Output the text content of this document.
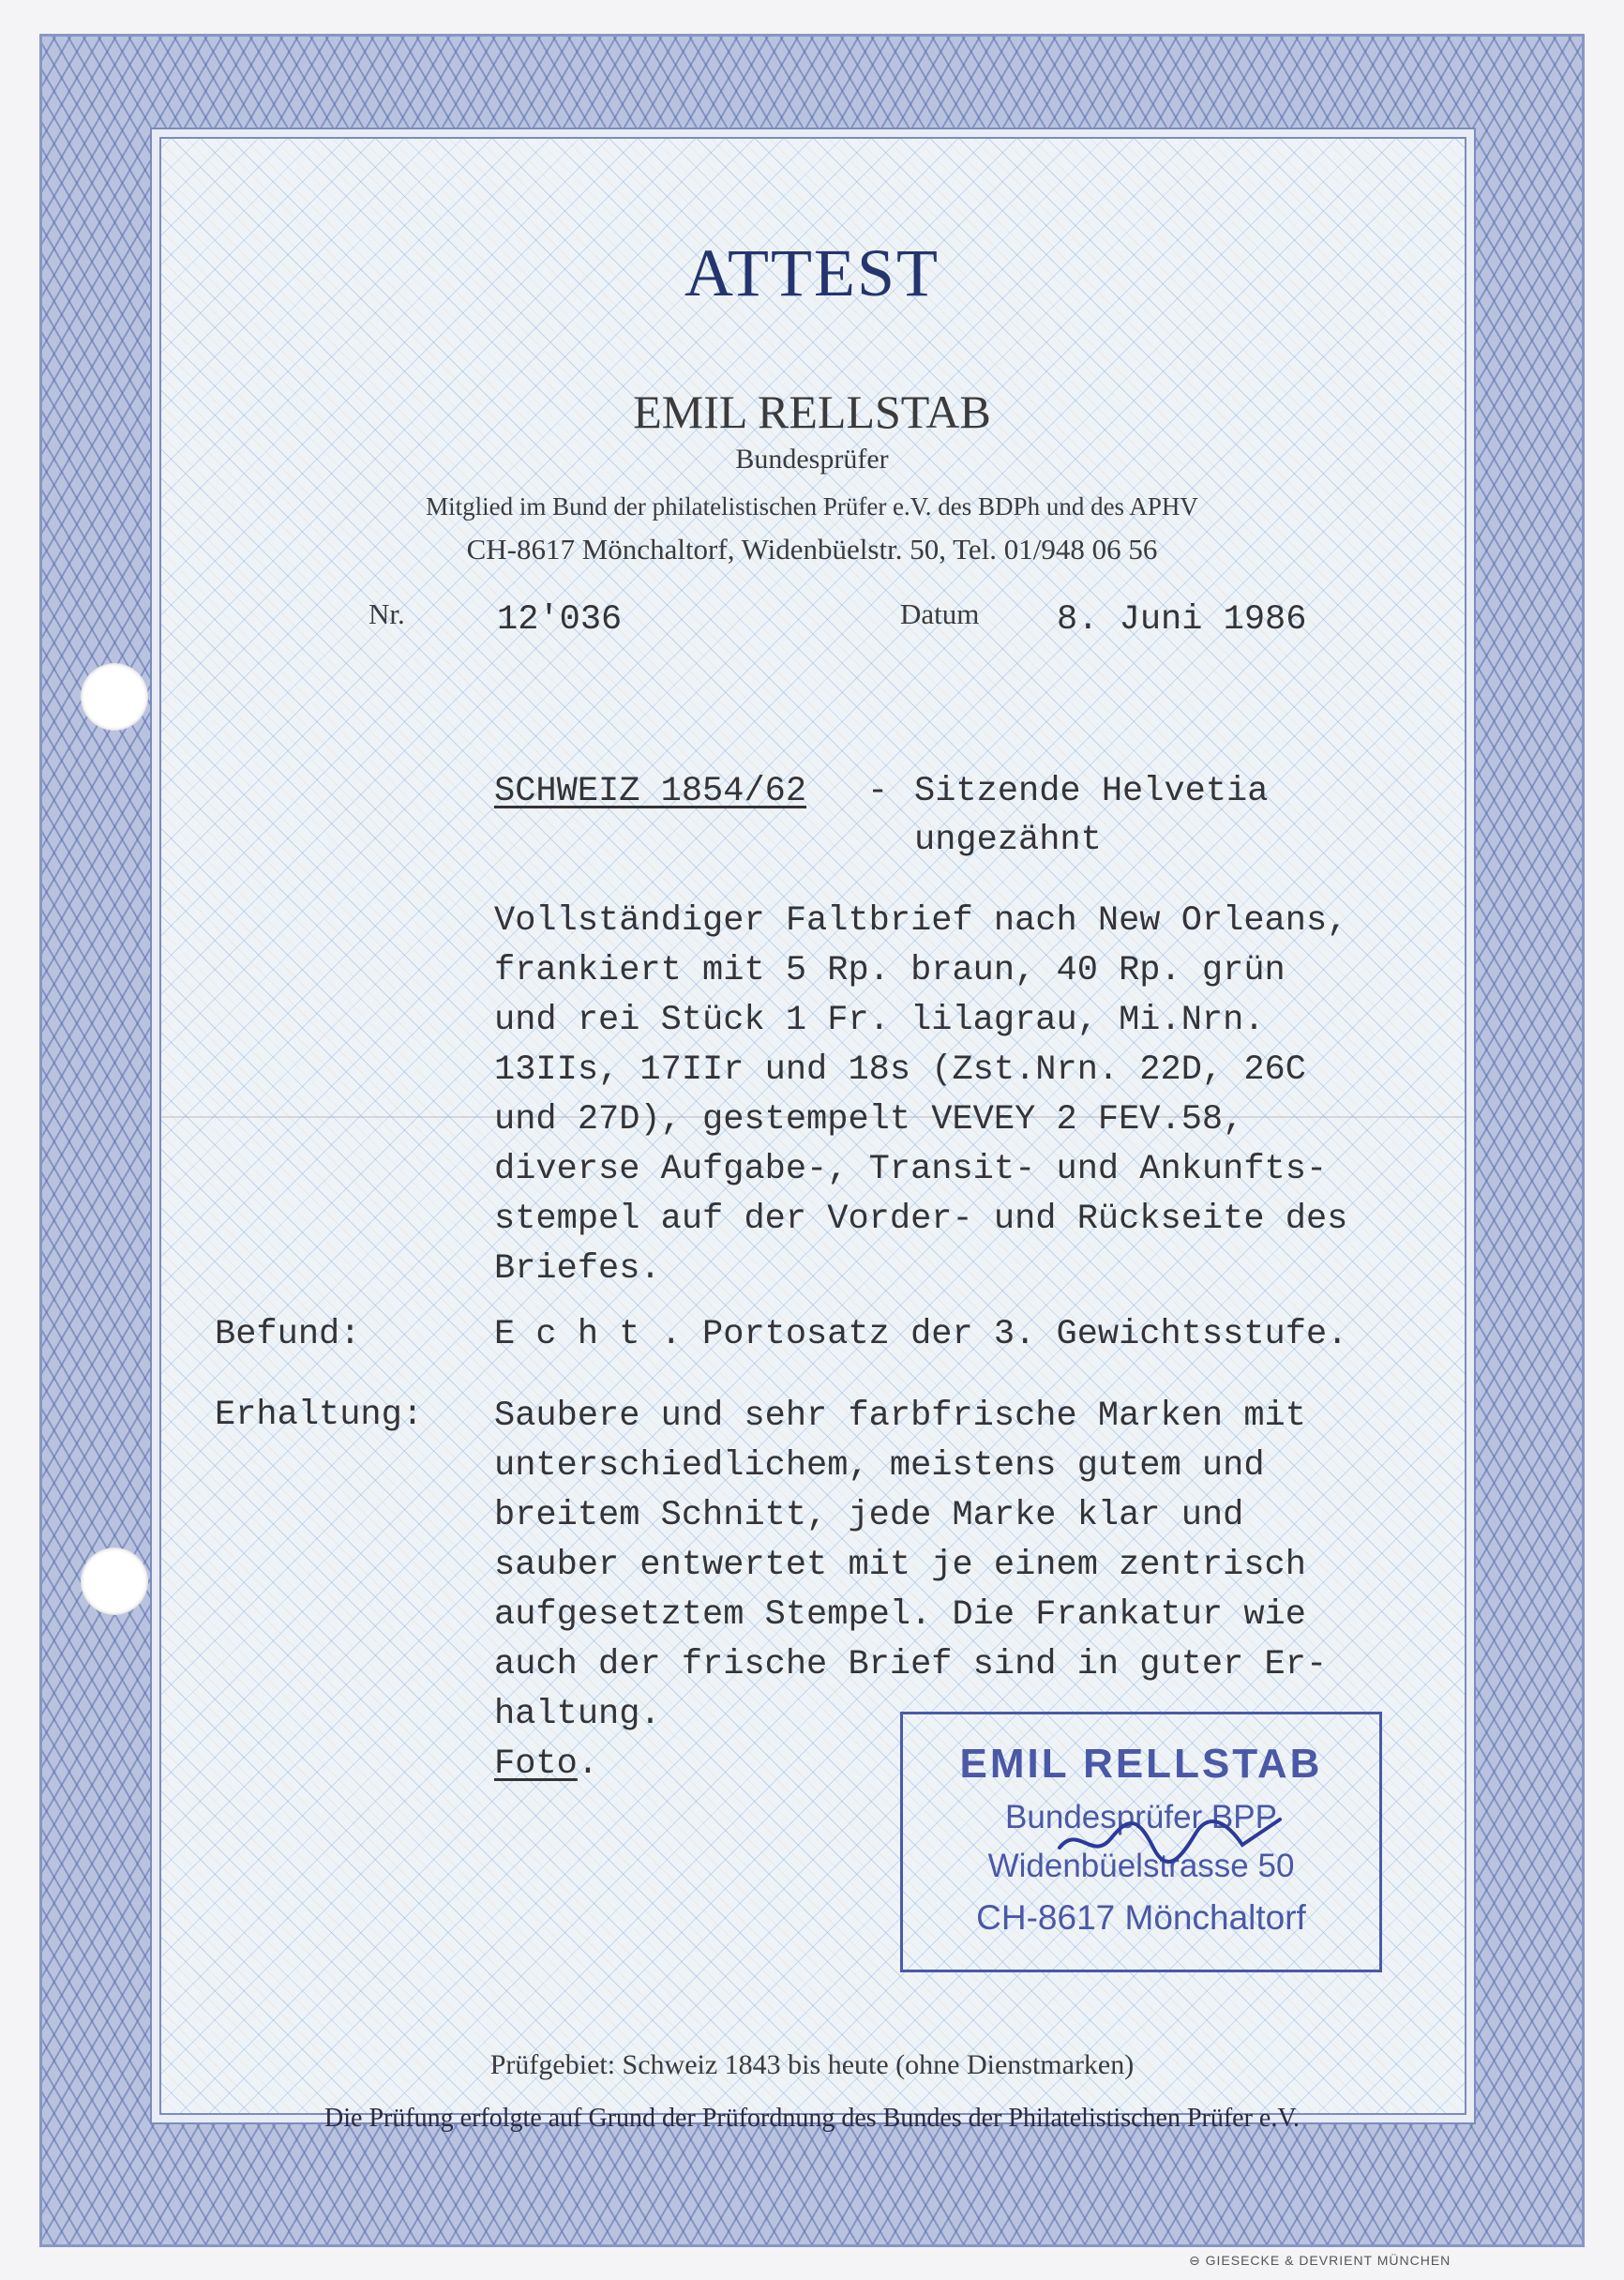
ATTEST
EMIL RELLSTAB
Bundesprüfer
Mitglied im Bund der philatelistischen Prüfer e.V. des BDPh und des APHV
CH-8617 Mönchaltorf, Widenbüelstr. 50, Tel. 01/948 06 56
Nr.	12'036	Datum 8. Juni 1986
SCHWEIZ 1854/62 - Sitzende Helvetia
ungezähnt
Vollständiger Faltbrief nach New Orleans,
frankiert mit 5 Rp. braun, 40 Rp. grün
und rei Stück 1 Fr. lilagrau, Mi.Nrn.
13IIs, 17IIr und 18s (Zst.Nrn. 22D, 26C
und 27D), gestempelt VEVEY 2 FEV.58,
diverse Aufgabe-, Transit- und Ankunfts-
stempel auf der Vorder- und Rückseite des
Briefes.
Befund:	E c h t . Portosatz der 3. Gewichtsstufe.
Erhaltung: Saubere und sehr farbfrische Marken mit
unterschiedlichem, meistens gutem und
breitem Schnitt, jede Marke klar und
sauber entwertet mit je einem zentrisch
aufgesetztem Stempel. Die Frankatur wie
auch der frische Brief sind in guter Er-
haltung.
Foto.	EMIL RELLSTAB
Bundesprüfer BPP
Widenbüelstrasse 50
CH-8617 Mönchaltorf
Prüfgebiet: Schweiz 1843 bis heute (ohne Dienstmarken)
Die Prüfung erfolgte auf Grund der Prüfordnung des Bundes der Philatelistischen Prüfer e.V.
⊖ GIESECKE & DEVRIENT MÜNCHEN
